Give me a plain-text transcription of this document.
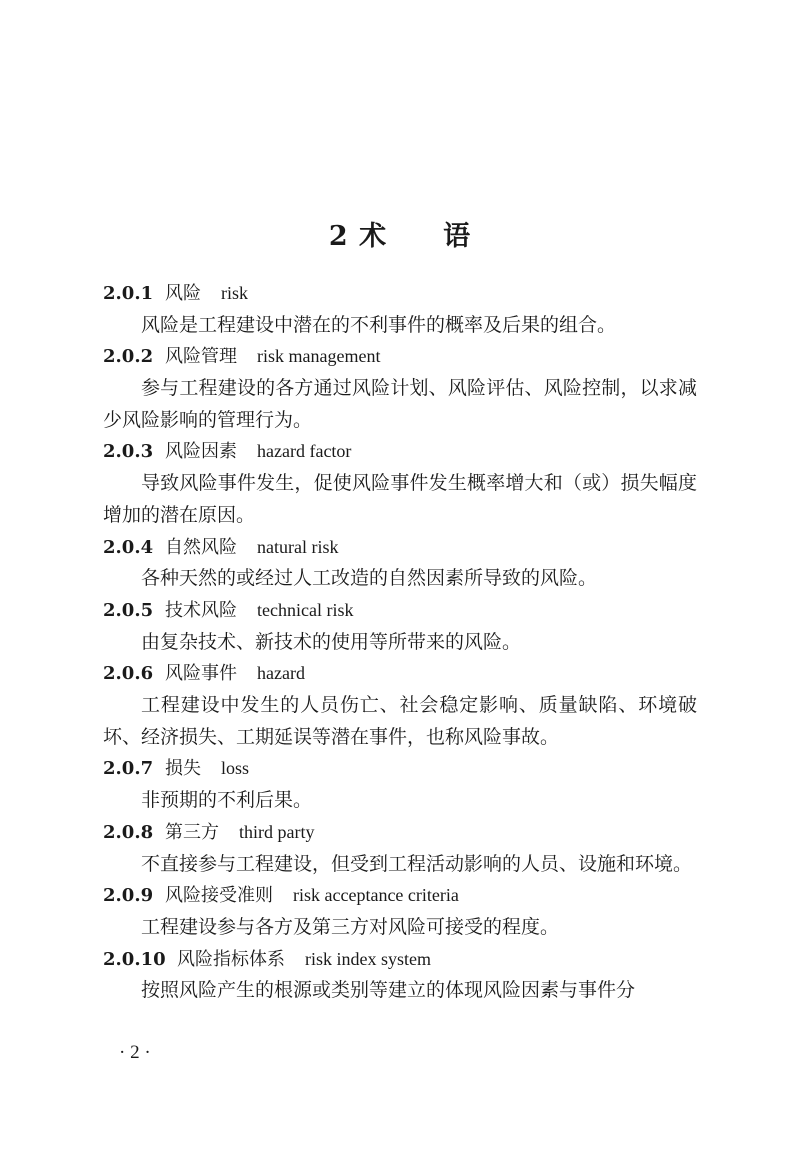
2 术　　语
2.0.1 风险 risk

风险是工程建设中潜在的不利事件的概率及后果的组合。

2.0.2 风险管理 risk management

参与工程建设的各方通过风险计划、风险评估、风险控制，以求减少风险影响的管理行为。

2.0.3 风险因素 hazard factor

导致风险事件发生，促使风险事件发生概率增大和（或）损失幅度增加的潜在原因。

2.0.4 自然风险 natural risk

各种天然的或经过人工改造的自然因素所导致的风险。

2.0.5 技术风险 technical risk

由复杂技术、新技术的使用等所带来的风险。

2.0.6 风险事件 hazard

工程建设中发生的人员伤亡、社会稳定影响、质量缺陷、环境破坏、经济损失、工期延误等潜在事件，也称风险事故。

2.0.7 损失 loss

非预期的不利后果。

2.0.8 第三方 third party

不直接参与工程建设，但受到工程活动影响的人员、设施和环境。

2.0.9 风险接受准则 risk acceptance criteria

工程建设参与各方及第三方对风险可接受的程度。

2.0.10 风险指标体系 risk index system

按照风险产生的根源或类别等建立的体现风险因素与事件分

· 2 ·
